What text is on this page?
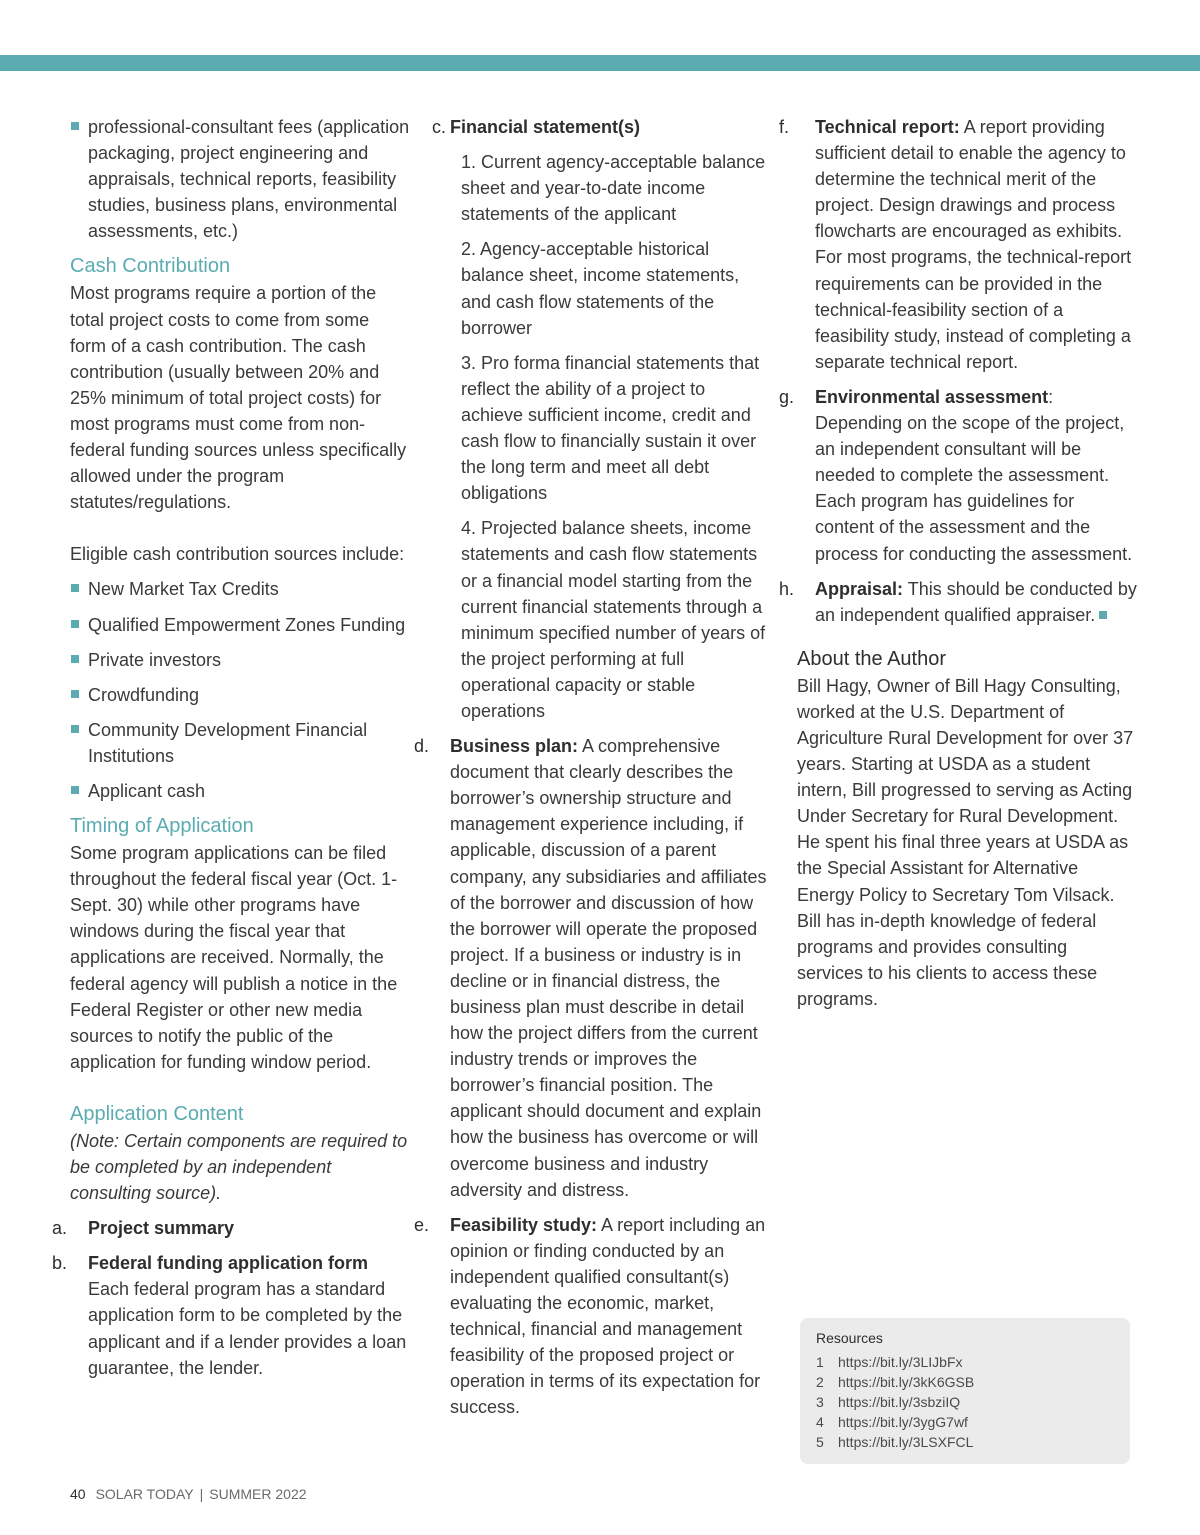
professional-consultant fees (application packaging, project engineering and appraisals, technical reports, feasibility studies, business plans, environmental assessments, etc.)

Cash Contribution

Most programs require a portion of the total project costs to come from some form of a cash contribution. The cash contribution (usually between 20% and 25% minimum of total project costs) for most programs must come from non-federal funding sources unless specifically allowed under the program statutes/regulations.

Eligible cash contribution sources include:

New Market Tax Credits

Qualified Empowerment Zones Funding

Private investors

Crowdfunding

Community Development Financial Institutions

Applicant cash

Timing of Application

Some program applications can be filed throughout the federal fiscal year (Oct. 1- Sept. 30) while other programs have windows during the fiscal year that applications are received. Normally, the federal agency will publish a notice in the Federal Register or other new media sources to notify the public of the application for funding window period.

Application Content

(Note: Certain components are required to be completed by an independent consulting source).

a. Project summary

b. Federal funding application form

Each federal program has a standard application form to be completed by the applicant and if a lender provides a loan guarantee, the lender.

c. Financial statement(s)

1. Current agency-acceptable balance sheet and year-to-date income statements of the applicant

2. Agency-acceptable historical balance sheet, income statements, and cash flow statements of the borrower

3. Pro forma financial statements that reflect the ability of a project to achieve sufficient income, credit and cash flow to financially sustain it over the long term and meet all debt obligations

4. Projected balance sheets, income statements and cash flow statements or a financial model starting from the current financial statements through a minimum specified number of years of the project performing at full operational capacity or stable operations

d. Business plan: A comprehensive document that clearly describes the borrower’s ownership structure and management experience including, if applicable, discussion of a parent company, any subsidiaries and affiliates of the borrower and discussion of how the borrower will operate the proposed project. If a business or industry is in decline or in financial distress, the business plan must describe in detail how the project differs from the current industry trends or improves the borrower’s financial position. The applicant should document and explain how the business has overcome or will overcome business and industry adversity and distress.

e. Feasibility study: A report including an opinion or finding conducted by an independent qualified consultant(s) evaluating the economic, market, technical, financial and management feasibility of the proposed project or operation in terms of its expectation for success.

f. Technical report: A report providing sufficient detail to enable the agency to determine the technical merit of the project. Design drawings and process flowcharts are encouraged as exhibits. For most programs, the technical-report requirements can be provided in the technical-feasibility section of a feasibility study, instead of completing a separate technical report.

g. Environmental assessment: Depending on the scope of the project, an independent consultant will be needed to complete the assessment. Each program has guidelines for content of the assessment and the process for conducting the assessment.

h. Appraisal: This should be conducted by an independent qualified appraiser.

About the Author

Bill Hagy, Owner of Bill Hagy Consulting, worked at the U.S. Department of Agriculture Rural Development for over 37 years. Starting at USDA as a student intern, Bill progressed to serving as Acting Under Secretary for Rural Development. He spent his final three years at USDA as the Special Assistant for Alternative Energy Policy to Secretary Tom Vilsack. Bill has in-depth knowledge of federal programs and provides consulting services to his clients to access these programs.

Resources
1 https://bit.ly/3LIJbFx
2 https://bit.ly/3kK6GSB
3 https://bit.ly/3sbziIQ
4 https://bit.ly/3ygG7wf
5 https://bit.ly/3LSXFCL
40 SOLAR TODAY | SUMMER 2022
